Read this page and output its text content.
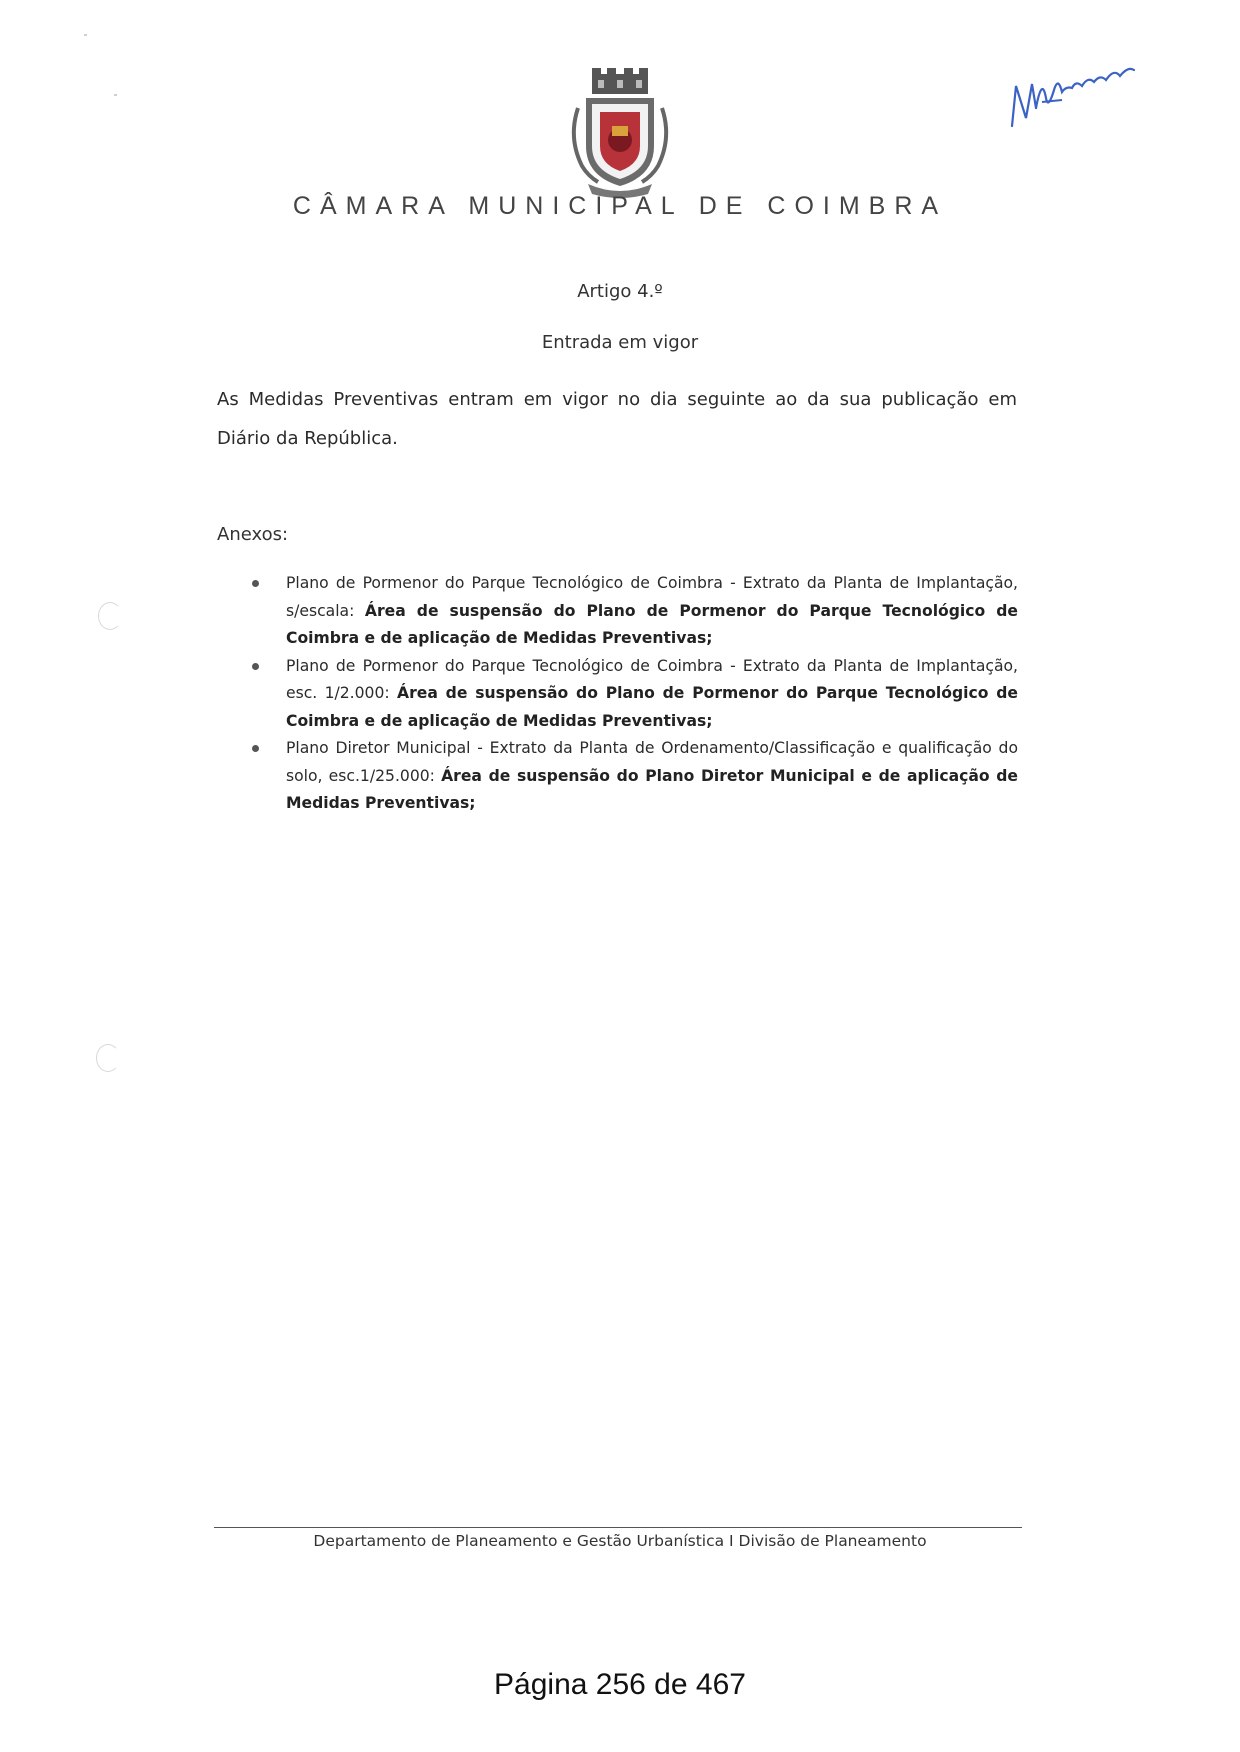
CÂMARA MUNICIPAL DE COIMBRA
Artigo 4.º
Entrada em vigor

As Medidas Preventivas entram em vigor no dia seguinte ao da sua publicação em Diário da República.

Anexos:
Plano de Pormenor do Parque Tecnológico de Coimbra - Extrato da Planta de Implantação, s/escala: Área de suspensão do Plano de Pormenor do Parque Tecnológico de Coimbra e de aplicação de Medidas Preventivas;
Plano de Pormenor do Parque Tecnológico de Coimbra - Extrato da Planta de Implantação, esc. 1/2.000: Área de suspensão do Plano de Pormenor do Parque Tecnológico de Coimbra e de aplicação de Medidas Preventivas;
Plano Diretor Municipal - Extrato da Planta de Ordenamento/Classificação e qualificação do solo, esc.1/25.000: Área de suspensão do Plano Diretor Municipal e de aplicação de Medidas Preventivas;
Departamento de Planeamento e Gestão Urbanística I Divisão de Planeamento
Página 256 de 467
